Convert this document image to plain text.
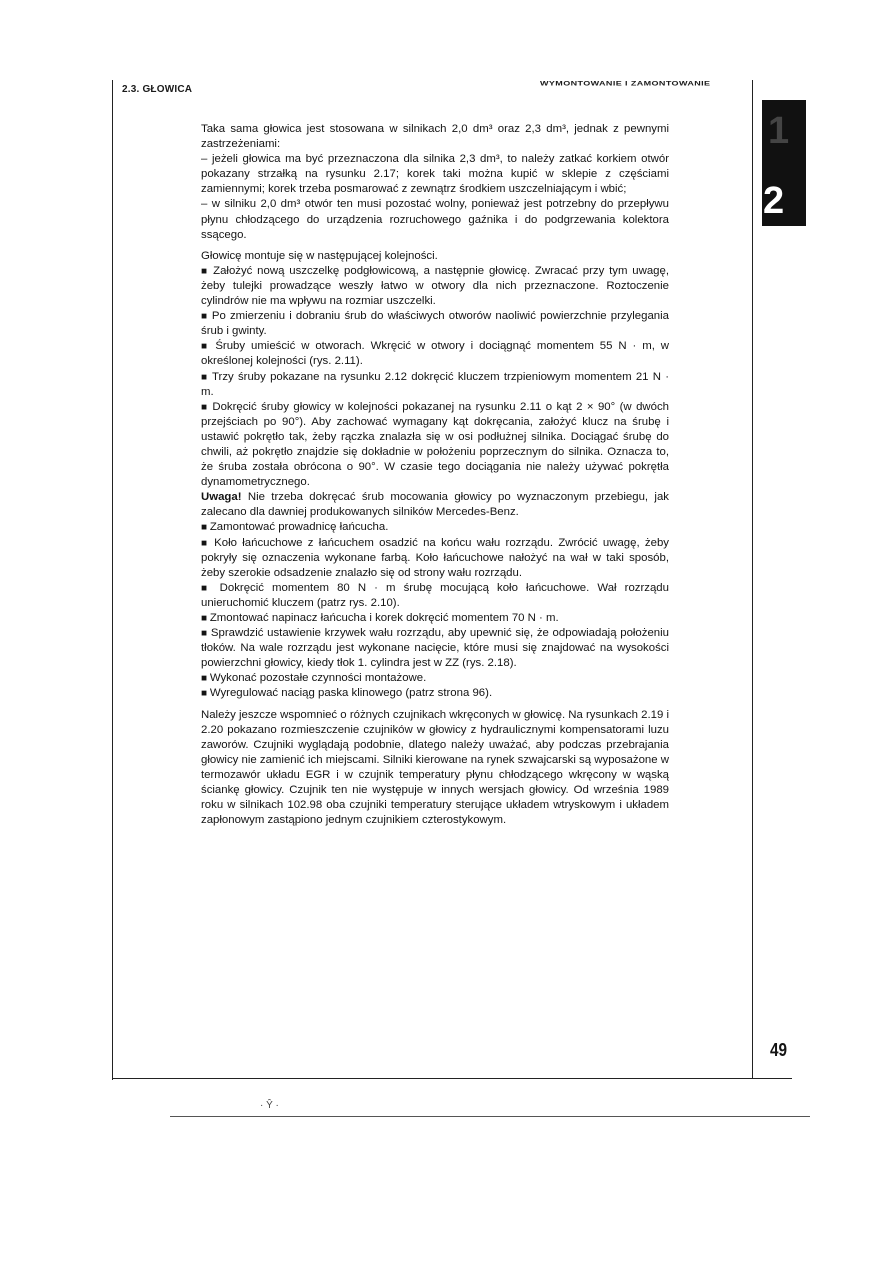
2.3. GŁOWICA
WYMONTOWANIE I ZAMONTOWANIE
1
2

Taka sama głowica jest stosowana w silnikach 2,0 dm³ oraz 2,3 dm³, jednak z pewnymi zastrzeżeniami:

– jeżeli głowica ma być przeznaczona dla silnika 2,3 dm³, to należy zatkać korkiem otwór pokazany strzałką na rysunku 2.17; korek taki można kupić w sklepie z częściami zamiennymi; korek trzeba posmarować z zewnątrz środkiem uszczelniającym i wbić;

– w silniku 2,0 dm³ otwór ten musi pozostać wolny, ponieważ jest potrzebny do przepływu płynu chłodzącego do urządzenia rozruchowego gaźnika i do podgrzewania kolektora ssącego.

Głowicę montuje się w następującej kolejności.

■ Założyć nową uszczelkę podgłowicową, a następnie głowicę. Zwracać przy tym uwagę, żeby tulejki prowadzące weszły łatwo w otwory dla nich przeznaczone. Roztoczenie cylindrów nie ma wpływu na rozmiar uszczelki.

■ Po zmierzeniu i dobraniu śrub do właściwych otworów naoliwić powierzchnie przylegania śrub i gwinty.

■ Śruby umieścić w otworach. Wkręcić w otwory i dociągnąć momentem 55 N · m, w określonej kolejności (rys. 2.11).

■ Trzy śruby pokazane na rysunku 2.12 dokręcić kluczem trzpieniowym momentem 21 N · m.

■ Dokręcić śruby głowicy w kolejności pokazanej na rysunku 2.11 o kąt 2 × 90° (w dwóch przejściach po 90°). Aby zachować wymagany kąt dokręcania, założyć klucz na śrubę i ustawić pokrętło tak, żeby rączka znalazła się w osi podłużnej silnika. Dociągać śrubę do chwili, aż pokrętło znajdzie się dokładnie w położeniu poprzecznym do silnika. Oznacza to, że śruba została obrócona o 90°. W czasie tego dociągania nie należy używać pokrętła dynamometrycznego.

Uwaga! Nie trzeba dokręcać śrub mocowania głowicy po wyznaczonym przebiegu, jak zalecano dla dawniej produkowanych silników Mercedes-Benz.

■ Zamontować prowadnicę łańcucha.

■ Koło łańcuchowe z łańcuchem osadzić na końcu wału rozrządu. Zwrócić uwagę, żeby pokryły się oznaczenia wykonane farbą. Koło łańcuchowe nałożyć na wał w taki sposób, żeby szerokie odsadzenie znalazło się od strony wału rozrządu.

■ Dokręcić momentem 80 N · m śrubę mocującą koło łańcuchowe. Wał rozrządu unieruchomić kluczem (patrz rys. 2.10).

■ Zmontować napinacz łańcucha i korek dokręcić momentem 70 N · m.

■ Sprawdzić ustawienie krzywek wału rozrządu, aby upewnić się, że odpowiadają położeniu tłoków. Na wale rozrządu jest wykonane nacięcie, które musi się znajdować na wysokości powierzchni głowicy, kiedy tłok 1. cylindra jest w ZZ (rys. 2.18).

■ Wykonać pozostałe czynności montażowe.

■ Wyregulować naciąg paska klinowego (patrz strona 96).

Należy jeszcze wspomnieć o różnych czujnikach wkręconych w głowicę. Na rysunkach 2.19 i 2.20 pokazano rozmieszczenie czujników w głowicy z hydraulicznymi kompensatorami luzu zaworów. Czujniki wyglądają podobnie, dlatego należy uważać, aby podczas przebrajania głowicy nie zamienić ich miejscami. Silniki kierowane na rynek szwajcarski są wyposażone w termozawór układu EGR i w czujnik temperatury płynu chłodzącego wkręcony w wąską ściankę głowicy. Czujnik ten nie występuje w innych wersjach głowicy. Od września 1989 roku w silnikach 102.98 oba czujniki temperatury sterujące układem wtryskowym i układem zapłonowym zastąpiono jednym czujnikiem czterostykowym.

49
· Ŷ ·
